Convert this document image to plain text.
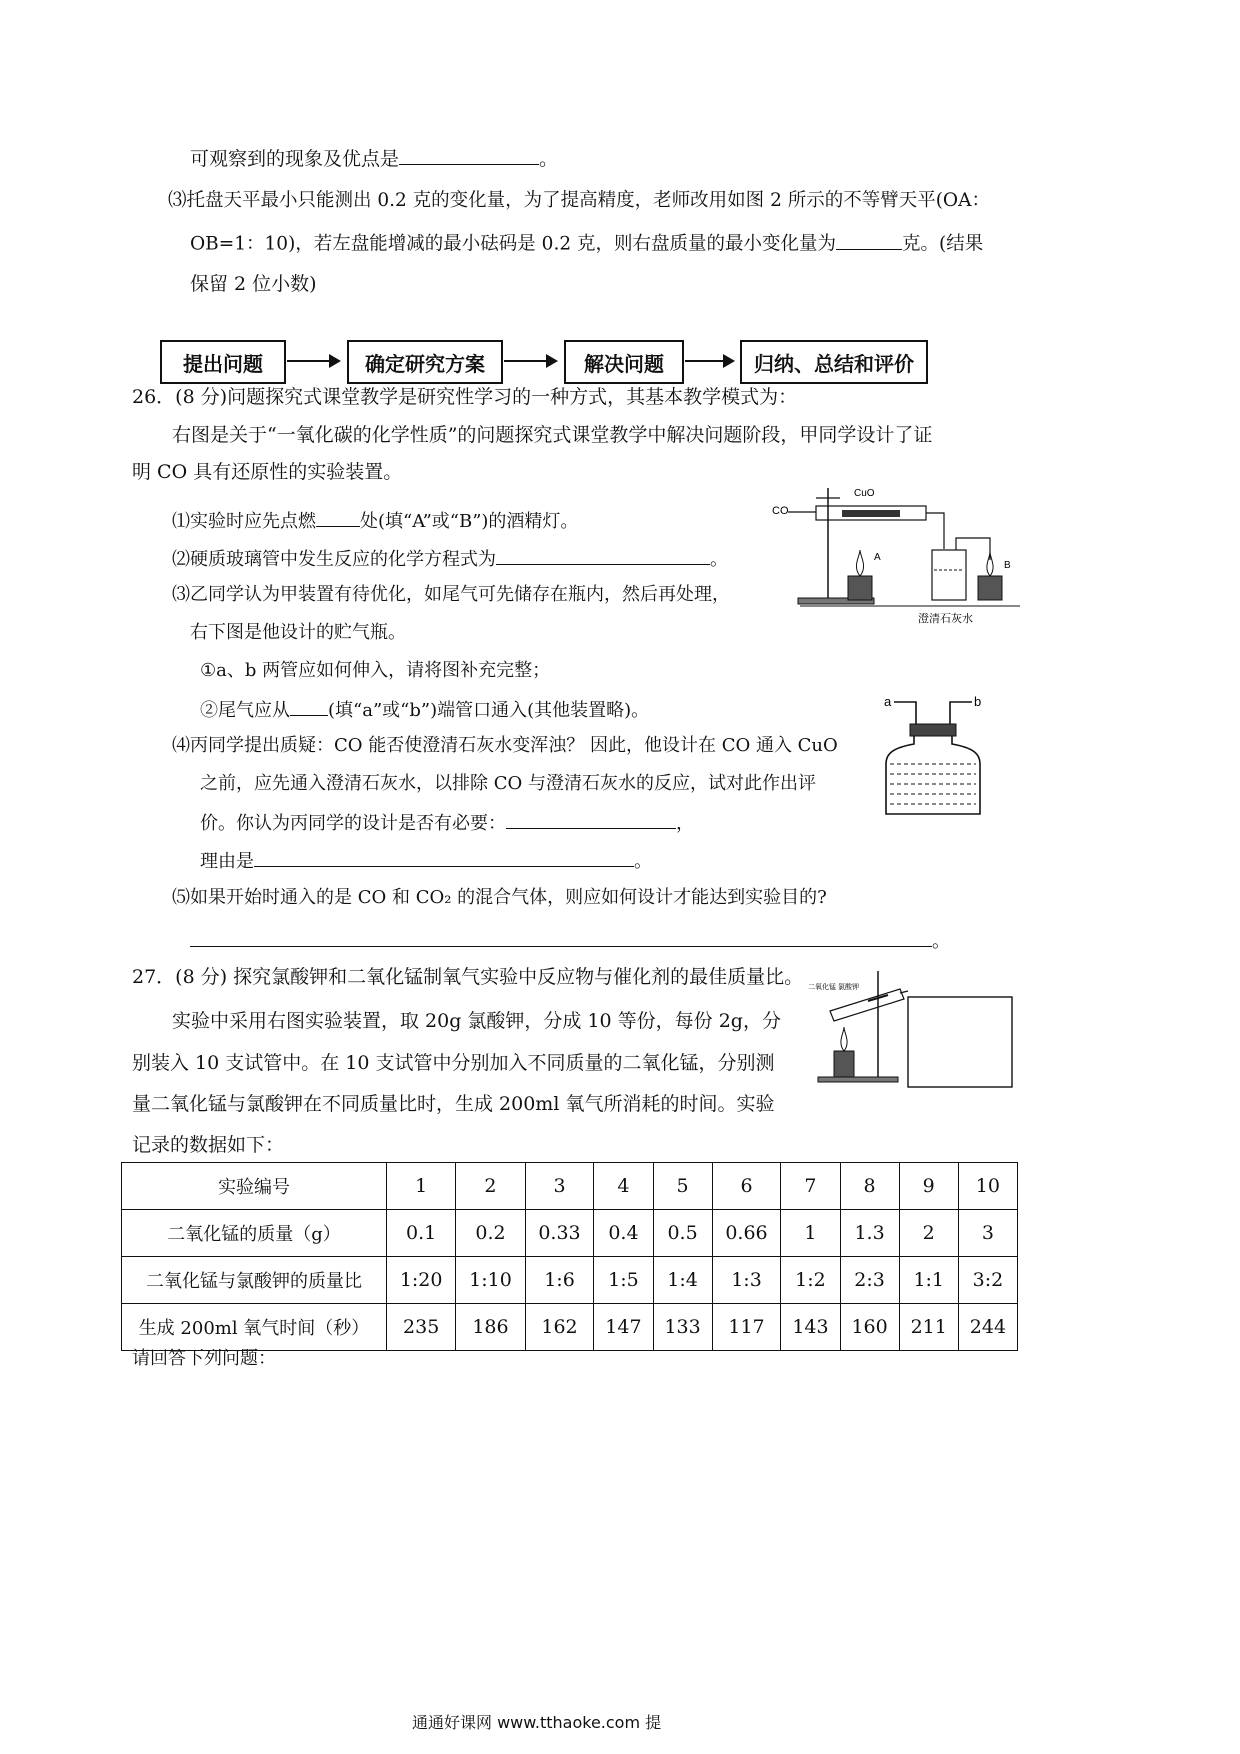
可观察到的现象及优点是	。
⑶托盘天平最小只能测出 0.2 克的变化量，为了提高精度，老师改用如图 2 所示的不等臂天平(OA：
OB=1：10)，若左盘能增减的最小砝码是 0.2 克，则右盘质量的最小变化量为	克。(结果
保留 2 位小数)
提出问题	确定研究方案	解决问题	归纳、总结和评价
26．(8 分)问题探究式课堂教学是研究性学习的一种方式，其基本教学模式为：
右图是关于“一氧化碳的化学性质”的问题探究式课堂教学中解决问题阶段，甲同学设计了证
明 CO 具有还原性的实验装置。
⑴实验时应先点燃 处(填“A”或“B”)的酒精灯。
⑵硬质玻璃管中发生反应的化学方程式为	。
⑶乙同学认为甲装置有待优化，如尾气可先储存在瓶内，然后再处理，
右下图是他设计的贮气瓶。
①a、b 两管应如何伸入，请将图补充完整；
②尾气应从 (填“a”或“b”)端管口通入(其他装置略)。
⑷丙同学提出质疑：CO 能否使澄清石灰水变浑浊？ 因此，他设计在 CO 通入 CuO
之前，应先通入澄清石灰水，以排除 CO 与澄清石灰水的反应，试对此作出评
价。你认为丙同学的设计是否有必要：	，
理由是	。
⑸如果开始时通入的是 CO 和 CO₂ 的混合气体，则应如何设计才能达到实验目的?
。
CO
CuO
A
B
澄清石灰水
a	b
27．(8 分) 探究氯酸钾和二氧化锰制氧气实验中反应物与催化剂的最佳质量比。
实验中采用右图实验装置，取 20g 氯酸钾，分成 10 等份，每份 2g，分
别装入 10 支试管中。在 10 支试管中分别加入不同质量的二氧化锰，分别测
量二氧化锰与氯酸钾在不同质量比时，生成 200ml 氧气所消耗的时间。实验
记录的数据如下：
二氧化锰 氯酸钾
实验编号	1	2	3	4	5	6	7	8	9	10
二氧化锰的质量（g）	0.1	0.2	0.33	0.4	0.5	0.66	1	1.3	2	3
二氧化锰与氯酸钾的质量比	1:20	1:10	1:6	1:5	1:4	1:3	1:2	2:3	1:1	3:2
生成 200ml 氧气时间（秒）	235	186	162	147	133	117	143	160	211	244
请回答下列问题：
通通好课网 www.tthaoke.com 提
